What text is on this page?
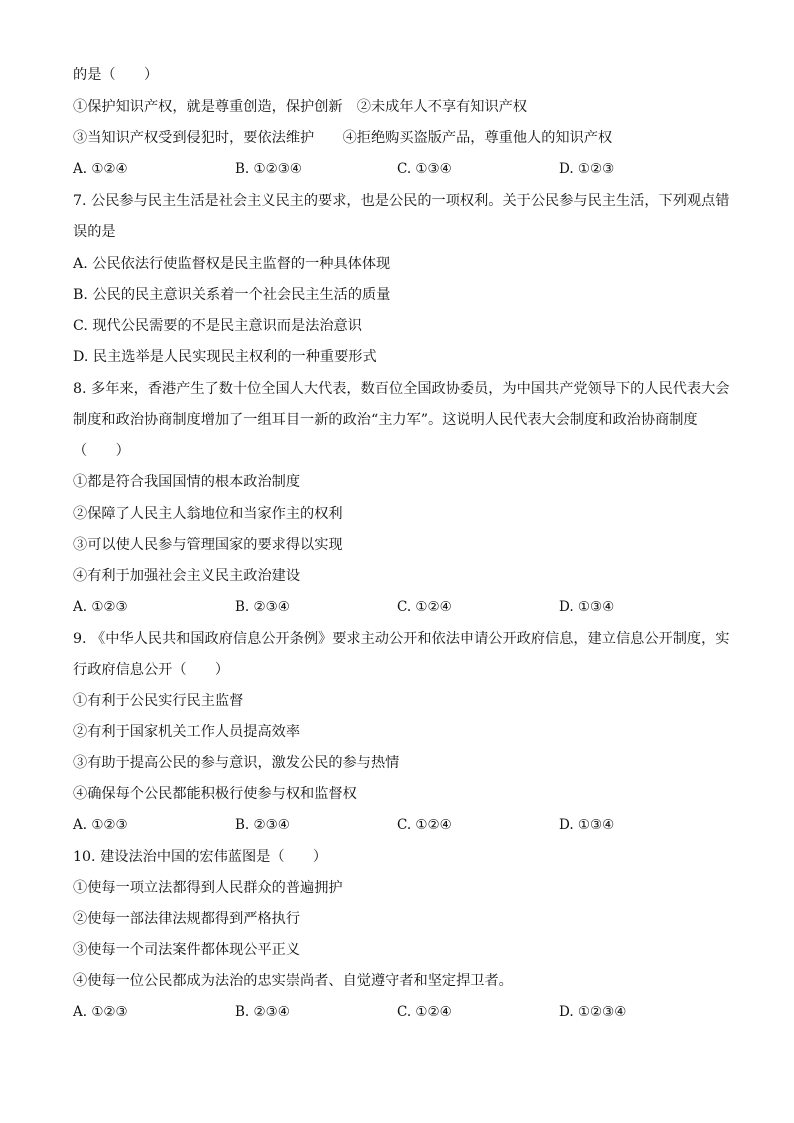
的是（　　）
①保护知识产权，就是尊重创造，保护创新　②未成年人不享有知识产权
③当知识产权受到侵犯时，要依法维护　　④拒绝购买盗版产品，尊重他人的知识产权
A. ①②④	B. ①②③④	C. ①③④	D. ①②③
7. 公民参与民主生活是社会主义民主的要求，也是公民的一项权利。关于公民参与民主生活，下列观点错
误的是
A. 公民依法行使监督权是民主监督的一种具体体现
B. 公民的民主意识关系着一个社会民主生活的质量
C. 现代公民需要的不是民主意识而是法治意识
D. 民主选举是人民实现民主权利的一种重要形式
8. 多年来，香港产生了数十位全国人大代表，数百位全国政协委员，为中国共产党领导下的人民代表大会
制度和政治协商制度增加了一组耳目一新的政治“主力军”。这说明人民代表大会制度和政治协商制度
（　　）
①都是符合我国国情的根本政治制度
②保障了人民主人翁地位和当家作主的权利
③可以使人民参与管理国家的要求得以实现
④有利于加强社会主义民主政治建设
A. ①②③	B. ②③④	C. ①②④	D. ①③④
9. 《中华人民共和国政府信息公开条例》要求主动公开和依法申请公开政府信息，建立信息公开制度，实
行政府信息公开（　　）
①有利于公民实行民主监督
②有利于国家机关工作人员提高效率
③有助于提高公民的参与意识，激发公民的参与热情
④确保每个公民都能积极行使参与权和监督权
A. ①②③	B. ②③④	C. ①②④	D. ①③④
10. 建设法治中国的宏伟蓝图是（　　）
①使每一项立法都得到人民群众的普遍拥护
②使每一部法律法规都得到严格执行
③使每一个司法案件都体现公平正义
④使每一位公民都成为法治的忠实崇尚者、自觉遵守者和坚定捍卫者。
A. ①②③	B. ②③④	C. ①②④	D. ①②③④
